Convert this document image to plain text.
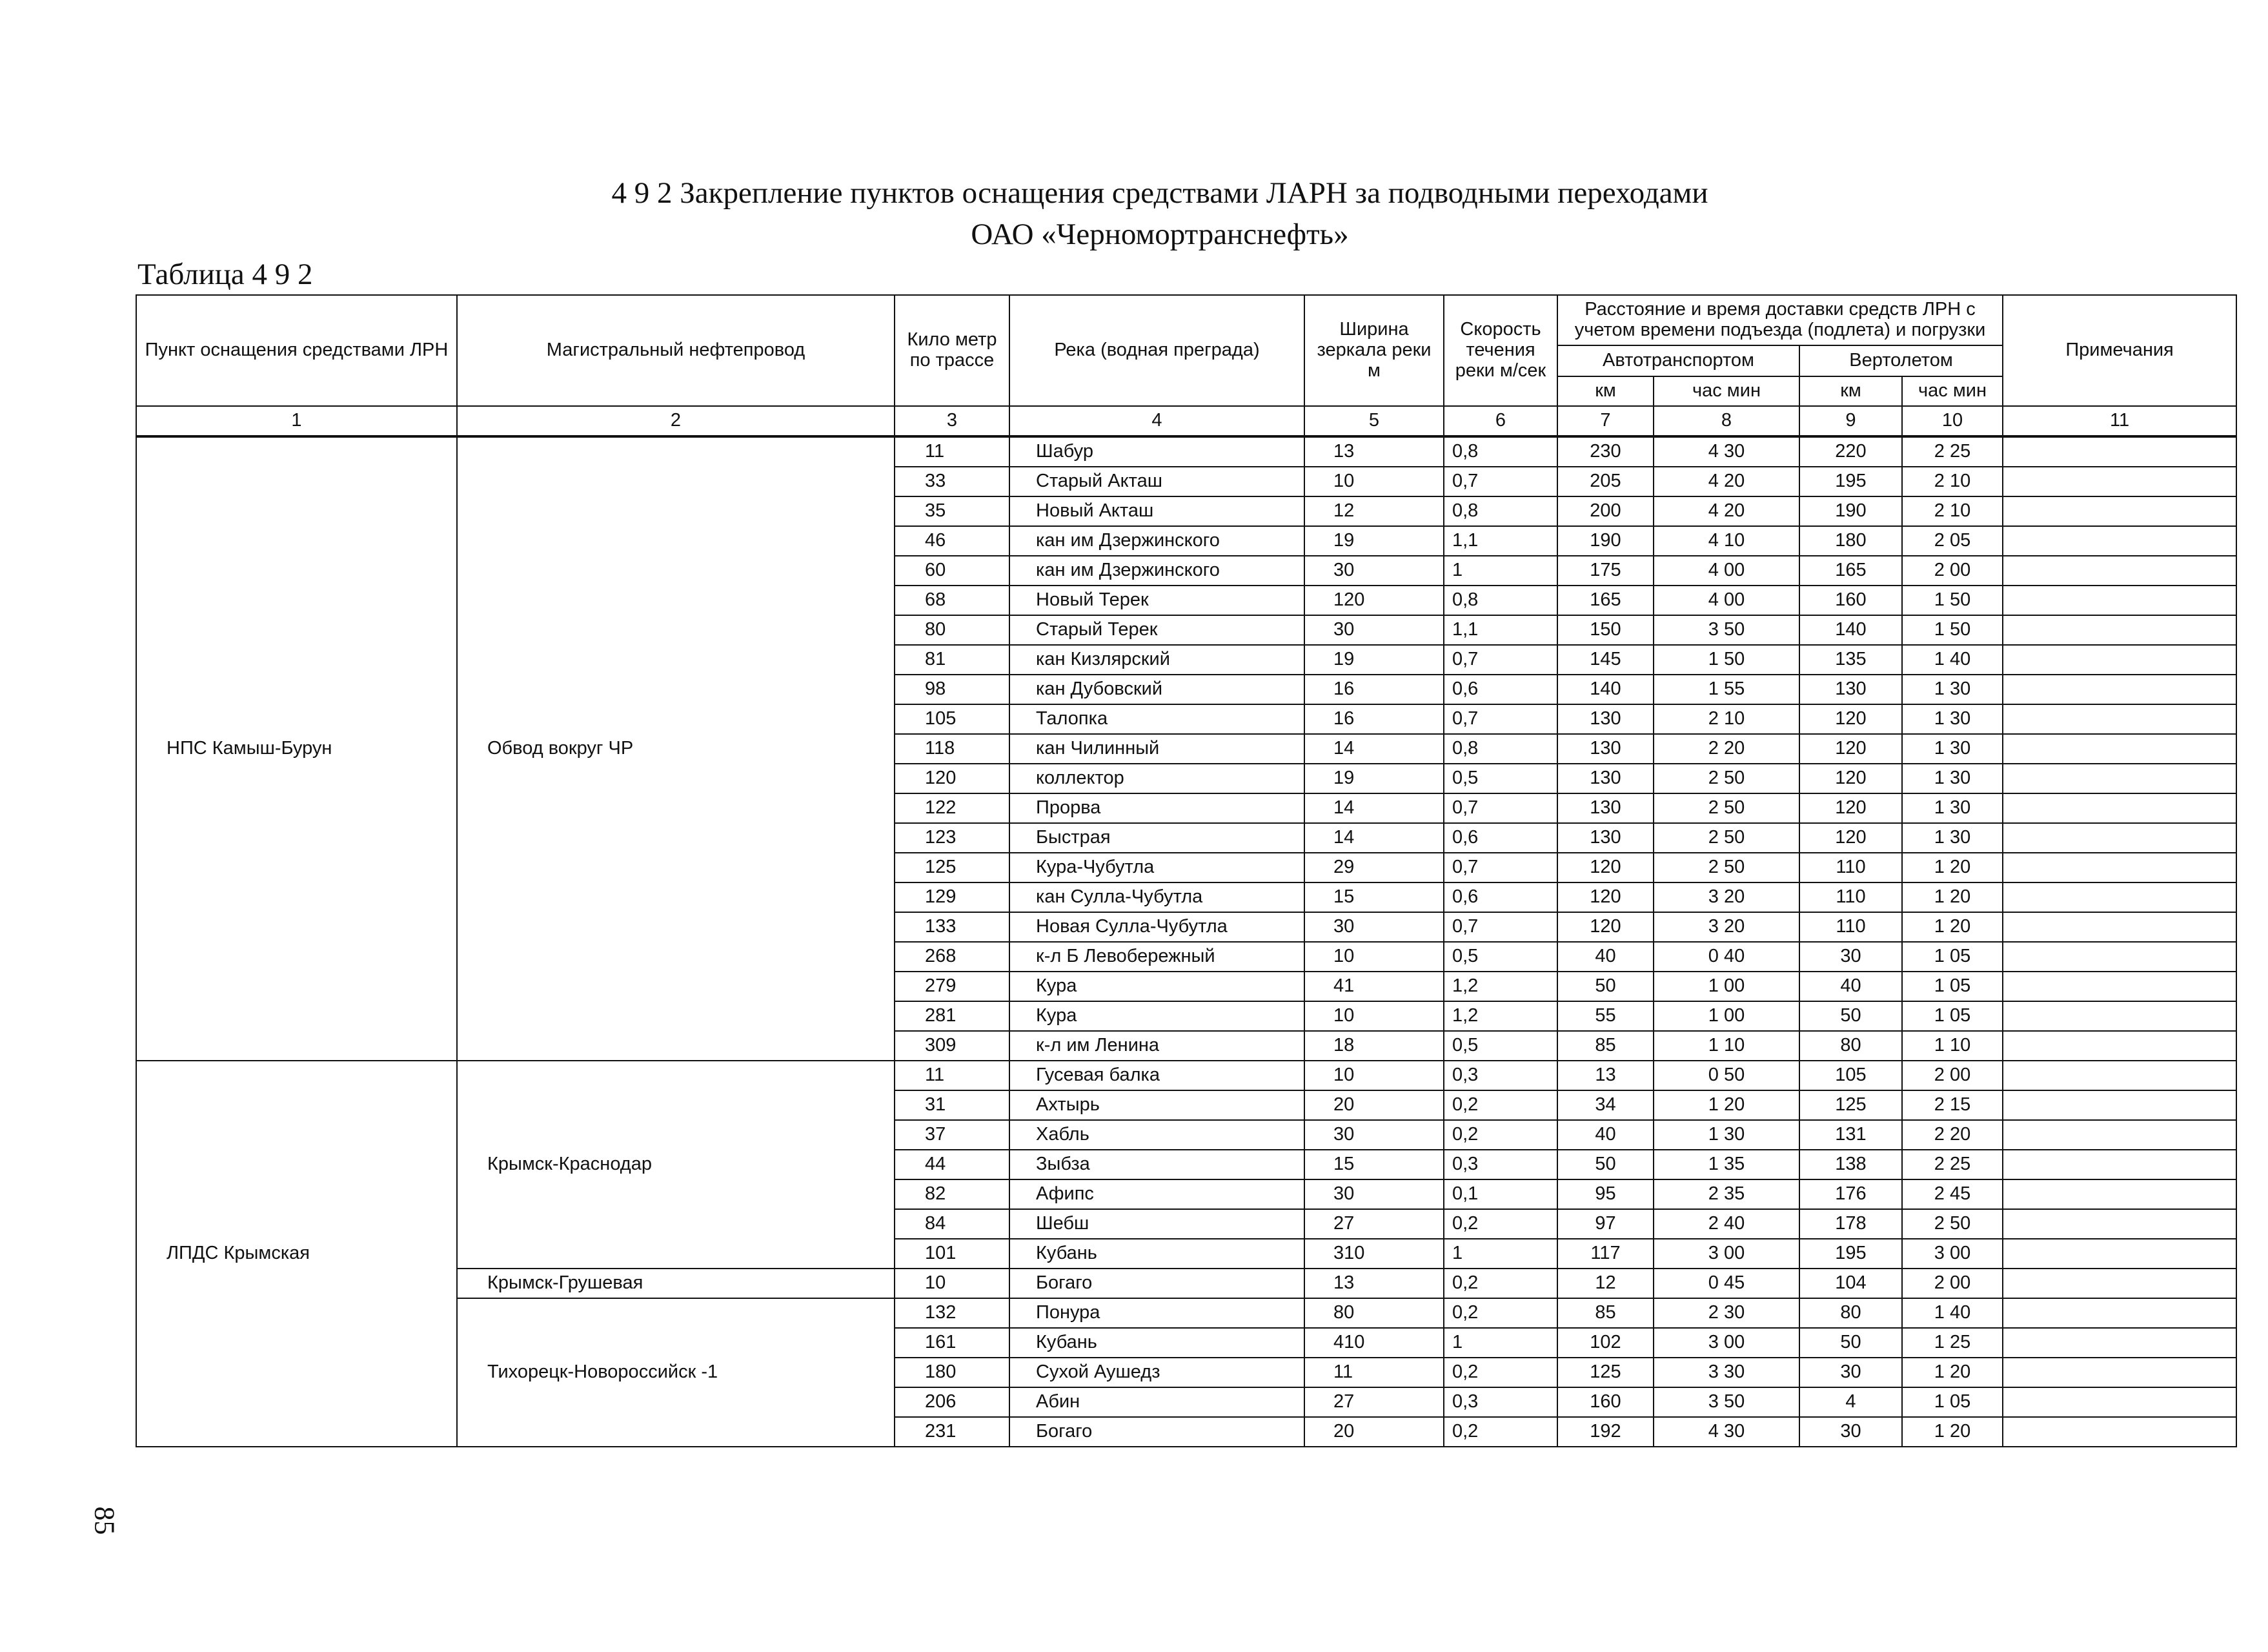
4 9 2 Закрепление пунктов оснащения средствами ЛАРН за подводными переходами
ОАО «Черномортранснефть»
Таблица 4 9 2
85
Пункт оснащения средствами ЛРН	Магистральный нефтепровод	Кило метр по трассе	Река (водная преграда)	Ширина зеркала реки м	Скорость течения реки м/сек	Расстояние и время доставки средств ЛРН с учетом времени подъезда (подлета) и погрузки				Примечания
						Автотранспортом		Вертолетом		
						км	час мин	км	час мин	
1	2	3	4	5	6	7	8	9	10	11
НПС Камыш-Бурун	Обвод вокруг ЧР	11	Шабур	13	0,8	230	4 30	220	2 25	
		33	Старый Акташ	10	0,7	205	4 20	195	2 10	
		35	Новый Акташ	12	0,8	200	4 20	190	2 10	
		46	кан им Дзержинского	19	1,1	190	4 10	180	2 05	
		60	кан им Дзержинского	30	1	175	4 00	165	2 00	
		68	Новый Терек	120	0,8	165	4 00	160	1 50	
		80	Старый Терек	30	1,1	150	3 50	140	1 50	
		81	кан Кизлярский	19	0,7	145	1 50	135	1 40	
		98	кан Дубовский	16	0,6	140	1 55	130	1 30	
		105	Талопка	16	0,7	130	2 10	120	1 30	
		118	кан Чилинный	14	0,8	130	2 20	120	1 30	
		120	коллектор	19	0,5	130	2 50	120	1 30	
		122	Прорва	14	0,7	130	2 50	120	1 30	
		123	Быстрая	14	0,6	130	2 50	120	1 30	
		125	Кура-Чубутла	29	0,7	120	2 50	110	1 20	
		129	кан Сулла-Чубутла	15	0,6	120	3 20	110	1 20	
		133	Новая Сулла-Чубутла	30	0,7	120	3 20	110	1 20	
		268	к-л Б Левобережный	10	0,5	40	0 40	30	1 05	
		279	Кура	41	1,2	50	1 00	40	1 05	
		281	Кура	10	1,2	55	1 00	50	1 05	
		309	к-л им Ленина	18	0,5	85	1 10	80	1 10	
ЛПДС Крымская	Крымск-Краснодар	11	Гусевая балка	10	0,3	13	0 50	105	2 00	
		31	Ахтырь	20	0,2	34	1 20	125	2 15	
		37	Хабль	30	0,2	40	1 30	131	2 20	
		44	Зыбза	15	0,3	50	1 35	138	2 25	
		82	Афипс	30	0,1	95	2 35	176	2 45	
		84	Шебш	27	0,2	97	2 40	178	2 50	
		101	Кубань	310	1	117	3 00	195	3 00	
	Крымск-Грушевая	10	Богаго	13	0,2	12	0 45	104	2 00	
	Тихорецк-Новороссийск -1	132	Понура	80	0,2	85	2 30	80	1 40	
		161	Кубань	410	1	102	3 00	50	1 25	
		180	Сухой Аушедз	11	0,2	125	3 30	30	1 20	
		206	Абин	27	0,3	160	3 50	4	1 05	
		231	Богаго	20	0,2	192	4 30	30	1 20	
